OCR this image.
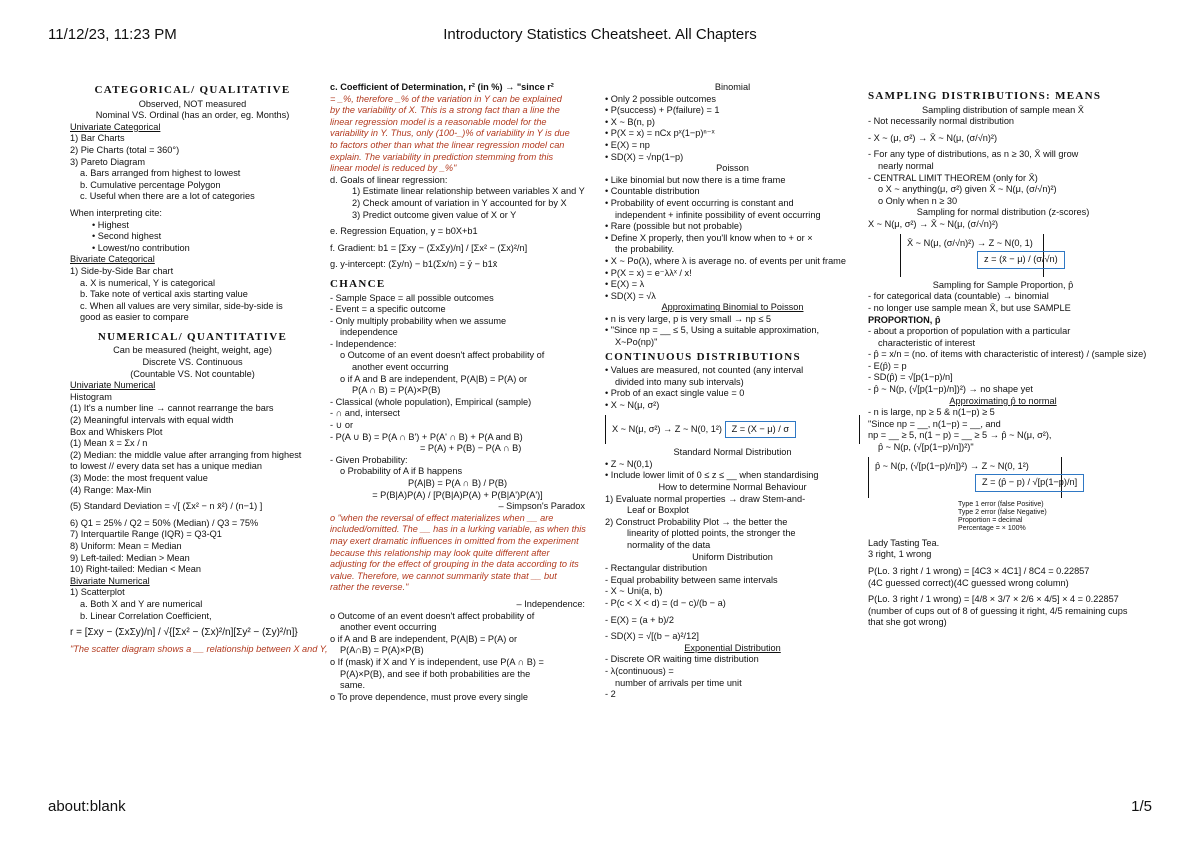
11/12/23, 11:23 PM	Introductory Statistics Cheatsheet. All Chapters
CATEGORICAL/ QUALITATIVE
Observed, NOT measured
Nominal VS. Ordinal (has an order, eg. Months)
Univariate Categorical
1) Bar Charts
2) Pie Charts (total = 360°)
3) Pareto Diagram
a. Bars arranged from highest to lowest
b. Cumulative percentage Polygon
c. Useful when there are a lot of categories
When interpreting cite:
• Highest
• Second highest
• Lowest/no contribution
Bivariate Categorical
1) Side-by-Side Bar chart
a. X is numerical, Y is categorical
b. Take note of vertical axis starting value
c. When all values are very similar, side-by-side is
good as easier to compare
NUMERICAL/ QUANTITATIVE
Can be measured (height, weight, age)
Discrete VS. Continuous
(Countable VS. Not countable)
Univariate Numerical
Histogram
(1) It's a number line → cannot rearrange the bars
(2) Meaningful intervals with equal width
Box and Whiskers Plot
(1) Mean x̄ = Σx / n
(2) Median: the middle value after arranging from highest
to lowest // every data set has a unique median
(3) Mode: the most frequent value
(4) Range: Max-Min
(5) Standard Deviation = √[ (Σx² − n x̄²) / (n−1) ]
6) Q1 = 25% / Q2 = 50% (Median) / Q3 = 75%
7) Interquartile Range (IQR) = Q3-Q1
8) Uniform: Mean = Median
9) Left-tailed: Median > Mean
10) Right-tailed: Median < Mean
Bivariate Numerical
1) Scatterplot
a. Both X and Y are numerical
b. Linear Correlation Coefficient,
r = [Σxy − (ΣxΣy)/n] / √{[Σx² − (Σx)²/n][Σy² − (Σy)²/n]}
"The scatter diagram shows a __ relationship between X and Y,
c. Coefficient of Determination, r² (in %) → "since r²
= _%, therefore _% of the variation in Y can be explained
by the variability of X. This is a strong fact than a line the
linear regression model is a reasonable model for the
variability in Y. Thus, only (100-_)% of variability in Y is due
to factors other than what the linear regression model can
explain. The variability in prediction stemming from this
linear model is reduced by _%"
d. Goals of linear regression:
1) Estimate linear relationship between variables X and Y
2) Check amount of variation in Y accounted for by X
3) Predict outcome given value of X or Y
e. Regression Equation, y = b0X+b1
f. Gradient: b1 = [Σxy − (ΣxΣy)/n] / [Σx² − (Σx)²/n]
g. y-intercept: (Σy/n) − b1(Σx/n) = ȳ − b1x̄
CHANCE
- Sample Space = all possible outcomes
- Event = a specific outcome
- Only multiply probability when we assume
independence
- Independence:
o Outcome of an event doesn't affect probability of
another event occurring
o if A and B are independent, P(A|B) = P(A) or
P(A ∩ B) = P(A)×P(B)
- Classical (whole population), Empirical (sample)
- ∩ and, intersect
- ∪ or
- P(A ∪ B) = P(A ∩ B') + P(A' ∩ B) + P(A and B)
= P(A) + P(B) − P(A ∩ B)
- Given Probability:
o Probability of A if B happens
P(A|B) = P(A ∩ B) / P(B)
= P(B|A)P(A) / [P(B|A)P(A) + P(B|A')P(A')]
– Simpson's Paradox
o "when the reversal of effect materializes when __ are
included/omitted. The __ has in a lurking variable, as when this
may exert dramatic influences in omitted from the experiment
because this relationship may look quite different after
adjusting for the effect of grouping in the data according to its
value. Therefore, we cannot summarily state that __ but
rather the reverse."
– Independence:
o Outcome of an event doesn't affect probability of
another event occurring
o if A and B are independent, P(A|B) = P(A) or
P(A∩B) = P(A)×P(B)
o If (mask) if X and Y is independent, use P(A ∩ B) =
P(A)×P(B), and see if both probabilities are the
same.
o To prove dependence, must prove every single
Binomial
• Only 2 possible outcomes
• P(success) + P(failure) = 1
• X ~ B(n, p)
• P(X = x) = nCx pˣ(1−p)ⁿ⁻ˣ
• E(X) = np
• SD(X) = √np(1−p)
Poisson
• Like binomial but now there is a time frame
• Countable distribution
• Probability of event occurring is constant and
independent + infinite possibility of event occurring
• Rare (possible but not probable)
• Define X properly, then you'll know when to + or ×
the probability.
• X ~ Po(λ), where λ is average no. of events per unit frame
• P(X = x) = e⁻λλˣ / x!
• E(X) = λ
• SD(X) = √λ
Approximating Binomial to Poisson
• n is very large, p is very small → np ≤ 5
• "Since np = __ ≤ 5, Using a suitable approximation,
X~Po(np)"
CONTINUOUS DISTRIBUTIONS
• Values are measured, not counted (any interval
divided into many sub intervals)
• Prob of an exact single value = 0
• X ~ N(μ, σ²)
X ~ N(μ, σ²) → Z ~ N(0, 1²) Z = (X − μ) / σ
Standard Normal Distribution
• Z ~ N(0,1)
• Include lower limit of 0 ≤ z ≤ __ when standardising
How to determine Normal Behaviour
1) Evaluate normal properties → draw Stem-and-
Leaf or Boxplot
2) Construct Probability Plot → the better the
linearity of plotted points, the stronger the
normality of the data
Uniform Distribution
- Rectangular distribution
- Equal probability between same intervals
- X ~ Uni(a, b)
- P(c < X < d) = (d − c)/(b − a)
- E(X) = (a + b)/2
- SD(X) = √[(b − a)²/12]
Exponential Distribution
- Discrete OR waiting time distribution
- λ(continuous) =
number of arrivals per time unit
- 2
SAMPLING DISTRIBUTIONS: MEANS
Sampling distribution of sample mean X̄
- Not necessarily normal distribution
- X ~ (μ, σ²) → X̄ ~ N(μ, (σ/√n)²)
- For any type of distributions, as n ≥ 30, X̄ will grow
nearly normal
- CENTRAL LIMIT THEOREM (only for X̄)
o X ~ anything(μ, σ²) given X̄ ~ N(μ, (σ/√n)²)
o Only when n ≥ 30
Sampling for normal distribution (z-scores)
X ~ N(μ, σ²) → X̄ ~ N(μ, (σ/√n)²)
X̄ ~ N(μ, (σ/√n)²) → Z ~ N(0, 1)
z = (x̄ − μ) / (σ/√n)
Sampling for Sample Proportion, p̂
- for categorical data (countable) → binomial
- no longer use sample mean X̄, but use SAMPLE
PROPORTION, p̂
- about a proportion of population with a particular
characteristic of interest
- p̂ = x/n = (no. of items with characteristic of interest) / (sample size)
- E(p̂) = p
- SD(p̂) = √[p(1−p)/n]
- p̂ ~ N(p, (√[p(1−p)/n])²) → no shape yet
Approximating p̂ to normal
- n is large, np ≥ 5 & n(1−p) ≥ 5
"Since np = __, n(1−p) = __, and
np = __ ≥ 5, n(1 − p) = __ ≥ 5 → p̂ ~ N(μ, σ²),
p̂ ~ N(p, (√[p(1−p)/n])²)"
p̂ ~ N(p, (√[p(1−p)/n])²) → Z ~ N(0, 1²)
Z = (p̂ − p) / √[p(1−p)/n]
Type 1 error (false Positive)
Type 2 error (false Negative)
Proportion = decimal
Percentage = × 100%
Lady Tasting Tea.
3 right, 1 wrong
P(Lo. 3 right / 1 wrong) = [4C3 × 4C1] / 8C4 = 0.22857
(4C guessed correct)(4C guessed wrong column)
P(Lo. 3 right / 1 wrong) = [4/8 × 3/7 × 2/6 × 4/5] × 4 = 0.22857
(number of cups out of 8 of guessing it right, 4/5 remaining cups
that she got wrong)
about:blank	1/5
